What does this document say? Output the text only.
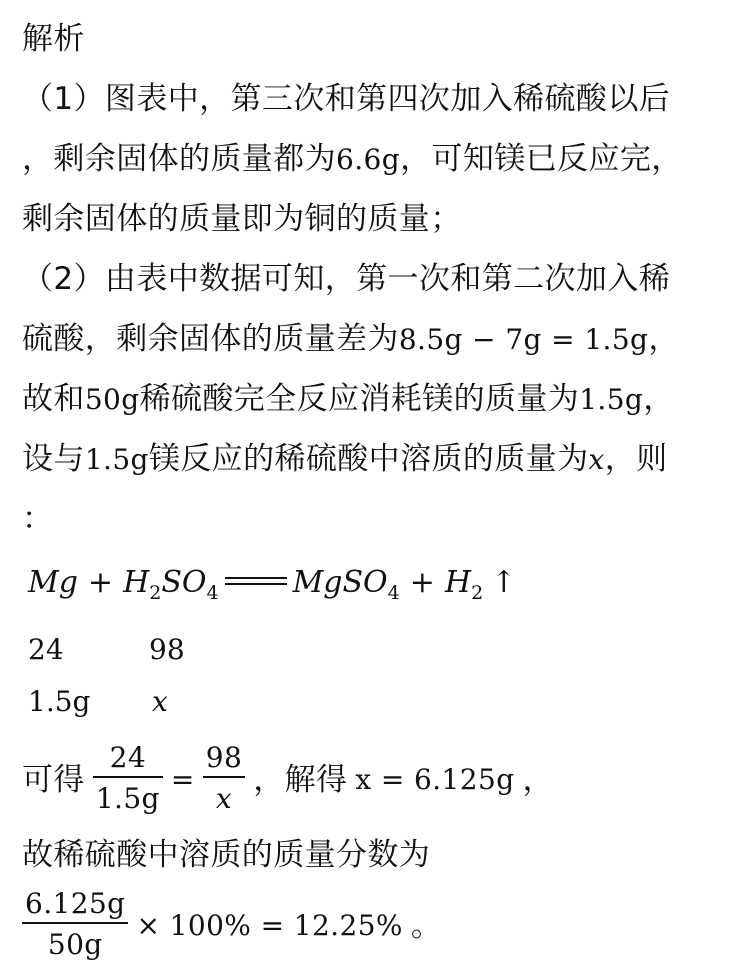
解析
（1）图表中，第三次和第四次加入稀硫酸以后
，剩余固体的质量都为6.6g，可知镁已反应完，
剩余固体的质量即为铜的质量；
（2）由表中数据可知，第一次和第二次加入稀
硫酸，剩余固体的质量差为8.5g − 7g = 1.5g，
故和50g稀硫酸完全反应消耗镁的质量为1.5g，
设与1.5g镁反应的稀硫酸中溶质的质量为x，则
：
$Mg + H_2SO_4$ MgSO$_4$ + $H_2$ ↑
24	98
1.5g x
可得 $\frac{24}{1.5g} = \frac{98}{x}$ ，解得 x = 6.125g ，
故稀硫酸中溶质的质量分数为
$\frac{6.125g}{50g} \times 100\% = 12.25\%$ 。
